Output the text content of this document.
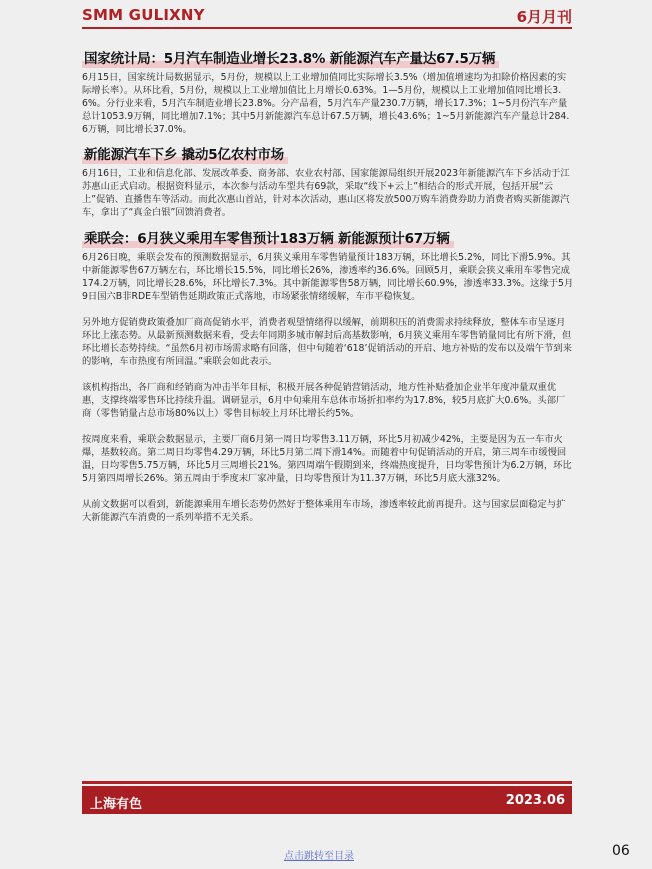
SMM GULIXNY	6月月刊
国家统计局：5月汽车制造业增长23.8% 新能源汽车产量达67.5万辆

6月15日，国家统计局数据显示，5月份，规模以上工业增加值同比实际增长3.5%（增加值增速均为扣除价格因素的实际增长率）。从环比看，5月份，规模以上工业增加值比上月增长0.63%。1—5月份，规模以上工业增加值同比增长3.6%。分行业来看，5月汽车制造业增长23.8%。分产品看，5月汽车产量230.7万辆，增长17.3%；1~5月份汽车产量总计1053.9万辆，同比增加7.1%；其中5月新能源汽车总计67.5万辆，增长43.6%；1~5月新能源汽车产量总计284.6万辆，同比增长37.0%。

新能源汽车下乡 撬动5亿农村市场

6月16日，工业和信息化部、发展改革委、商务部、农业农村部、国家能源局组织开展2023年新能源汽车下乡活动于江苏惠山正式启动。根据资料显示，本次参与活动车型共有69款，采取“线下+云上”相结合的形式开展，包括开展“云上”促销、直播售车等活动。而此次惠山首站，针对本次活动，惠山区将发放500万购车消费券助力消费者购买新能源汽车，拿出了“真金白银”回馈消费者。

乘联会：6月狭义乘用车零售预计183万辆 新能源预计67万辆

6月26日晚，乘联会发布的预测数据显示，6月狭义乘用车零售销量预计183万辆，环比增长5.2%，同比下滑5.9%。其中新能源零售67万辆左右，环比增长15.5%，同比增长26%，渗透率约36.6%。回顾5月，乘联会狭义乘用车零售完成174.2万辆，同比增长28.6%，环比增长7.3%。其中新能源零售58万辆，同比增长60.9%，渗透率33.3%。这缘于5月9日国六B非RDE车型销售延期政策正式落地，市场紧张情绪缓解，车市平稳恢复。

另外地方促销费政策叠加厂商高促销水平，消费者观望情绪得以缓解，前期积压的消费需求持续释放，整体车市呈逐月环比上涨态势。从最新预测数据来看，受去年同期多城市解封后高基数影响，6月狭义乘用车零售销量同比有所下滑，但环比增长态势持续。“虽然6月初市场需求略有回落，但中旬随着‘618’促销活动的开启、地方补贴的发布以及端午节到来的影响，车市热度有所回温。”乘联会如此表示。

该机构指出，各厂商和经销商为冲击半年目标，积极开展各种促销营销活动，地方性补贴叠加企业半年度冲量双重优惠，支撑终端零售环比持续升温。调研显示，6月中旬乘用车总体市场折扣率约为17.8%，较5月底扩大0.6%。头部厂商（零售销量占总市场80%以上）零售目标较上月环比增长约5%。

按周度来看，乘联会数据显示，主要厂商6月第一周日均零售3.11万辆，环比5月初减少42%，主要是因为五一车市火爆，基数较高。第二周日均零售4.29万辆，环比5月第二周下滑14%。而随着中旬促销活动的开启，第三周车市缓慢回温，日均零售5.75万辆，环比5月三周增长21%。第四周端午假期到来，终端热度提升，日均零售预计为6.2万辆，环比5月第四周增长26%。第五周由于季度末厂家冲量，日均零售预计为11.37万辆，环比5月底大涨32%。

从前文数据可以看到，新能源乘用车增长态势仍然好于整体乘用车市场，渗透率较此前再提升。这与国家层面稳定与扩大新能源汽车消费的一系列举措不无关系。

上海有色	2023.06
点击跳转至目录	06
